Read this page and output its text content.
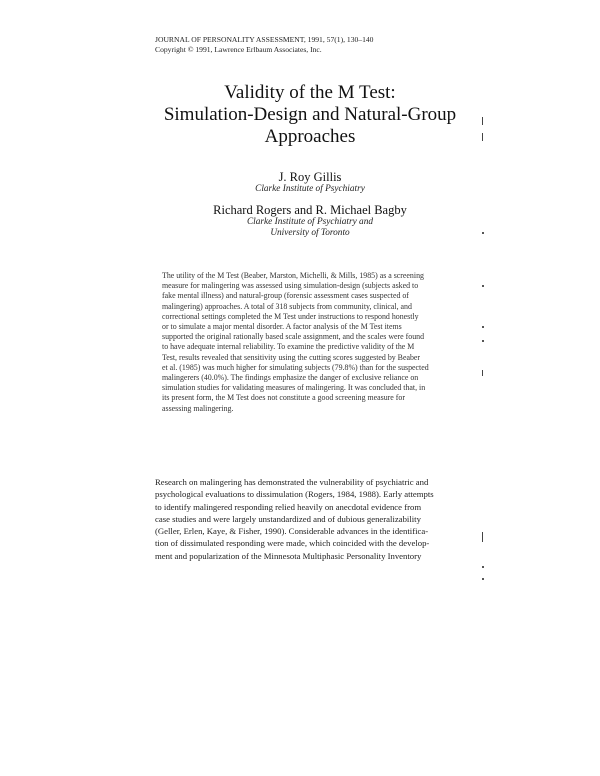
JOURNAL OF PERSONALITY ASSESSMENT, 1991, 57(1), 130–140
Copyright © 1991, Lawrence Erlbaum Associates, Inc.
Validity of the M Test:
Simulation-Design and Natural-Group
Approaches
J. Roy Gillis
Clarke Institute of Psychiatry
Richard Rogers and R. Michael Bagby
Clarke Institute of Psychiatry and
University of Toronto
The utility of the M Test (Beaber, Marston, Michelli, & Mills, 1985) as a screening
measure for malingering was assessed using simulation-design (subjects asked to
fake mental illness) and natural-group (forensic assessment cases suspected of
malingering) approaches. A total of 318 subjects from community, clinical, and
correctional settings completed the M Test under instructions to respond honestly
or to simulate a major mental disorder. A factor analysis of the M Test items
supported the original rationally based scale assignment, and the scales were found
to have adequate internal reliability. To examine the predictive validity of the M
Test, results revealed that sensitivity using the cutting scores suggested by Beaber
et al. (1985) was much higher for simulating subjects (79.8%) than for the suspected
malingerers (40.0%). The findings emphasize the danger of exclusive reliance on
simulation studies for validating measures of malingering. It was concluded that, in
its present form, the M Test does not constitute a good screening measure for
assessing malingering.
Research on malingering has demonstrated the vulnerability of psychiatric and
psychological evaluations to dissimulation (Rogers, 1984, 1988). Early attempts
to identify malingered responding relied heavily on anecdotal evidence from
case studies and were largely unstandardized and of dubious generalizability
(Geller, Erlen, Kaye, & Fisher, 1990). Considerable advances in the identifica-
tion of dissimulated responding were made, which coincided with the develop-
ment and popularization of the Minnesota Multiphasic Personality Inventory
